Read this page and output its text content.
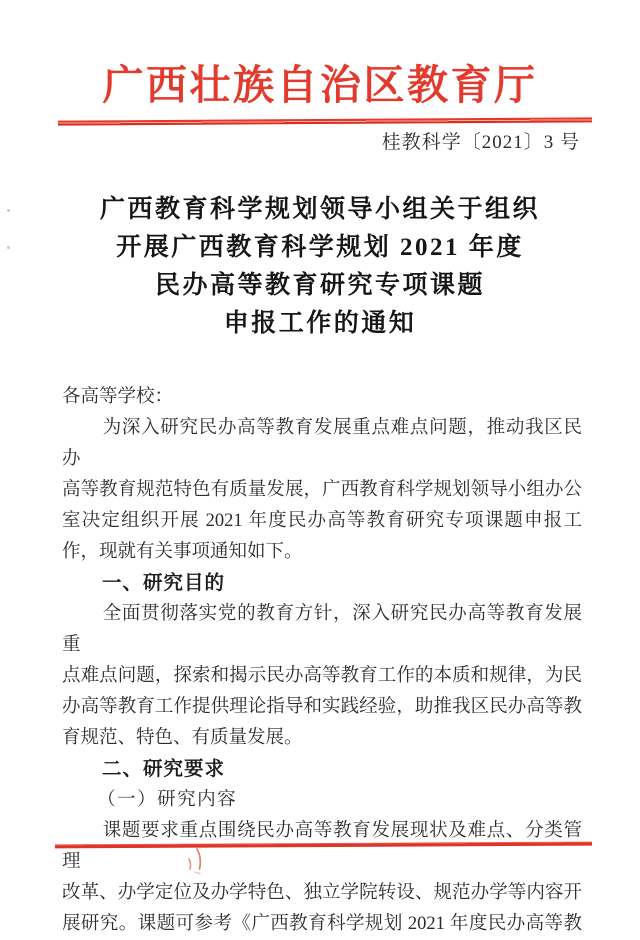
广西壮族自治区教育厅
桂教科学〔2021〕3 号
广西教育科学规划领导小组关于组织
开展广西教育科学规划 2021 年度
民办高等教育研究专项课题
申报工作的通知
各高等学校：
为深入研究民办高等教育发展重点难点问题，推动我区民办
高等教育规范特色有质量发展，广西教育科学规划领导小组办公
室决定组织开展 2021 年度民办高等教育研究专项课题申报工
作，现就有关事项通知如下。
一、研究目的
全面贯彻落实党的教育方针，深入研究民办高等教育发展重
点难点问题，探索和揭示民办高等教育工作的本质和规律，为民
办高等教育工作提供理论指导和实践经验，助推我区民办高等教
育规范、特色、有质量发展。
二、研究要求
（一）研究内容
课题要求重点围绕民办高等教育发展现状及难点、分类管理
改革、办学定位及办学特色、独立学院转设、规范办学等内容开
展研究。课题可参考《广西教育科学规划 2021 年度民办高等教
